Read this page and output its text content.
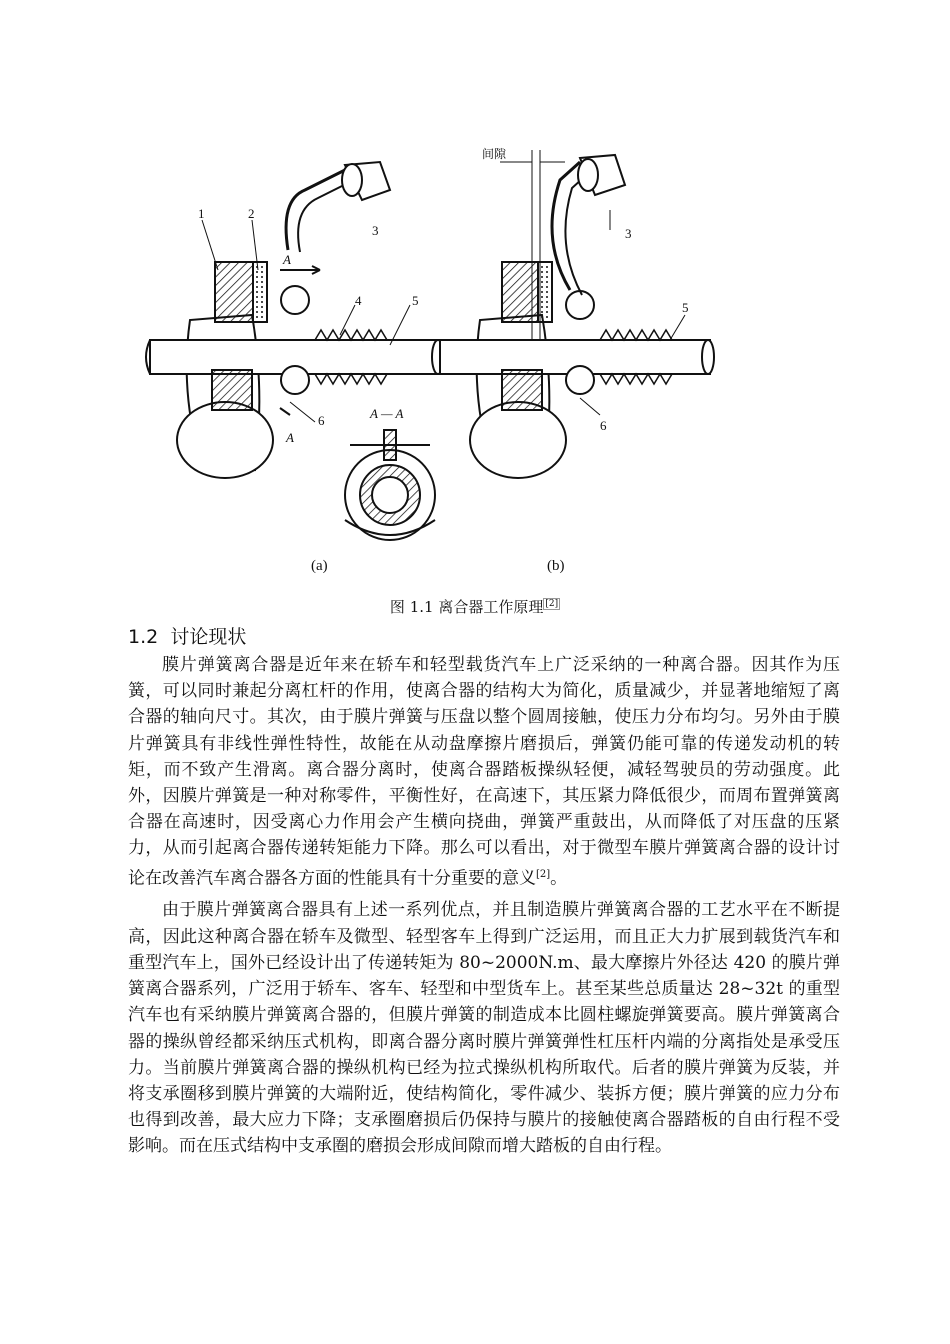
1	2
3
4	5
6
A
A
3
5
6
间隙
A — A
(a)	(b)
图 1.1 离合器工作原理 [2]
1.2 讨论现状

膜片弹簧离合器是近年来在轿车和轻型载货汽车上广泛采纳的一种离合器。因其作为压簧，可以同时兼起分离杠杆的作用，使离合器的结构大为简化，质量减少，并显著地缩短了离合器的轴向尺寸。其次，由于膜片弹簧与压盘以整个圆周接触，使压力分布均匀。另外由于膜片弹簧具有非线性弹性特性，故能在从动盘摩擦片磨损后，弹簧仍能可靠的传递发动机的转矩，而不致产生滑离。离合器分离时，使离合器踏板操纵轻便，减轻驾驶员的劳动强度。此外，因膜片弹簧是一种对称零件，平衡性好，在高速下，其压紧力降低很少，而周布置弹簧离合器在高速时，因受离心力作用会产生横向挠曲，弹簧严重鼓出，从而降低了对压盘的压紧力，从而引起离合器传递转矩能力下降。那么可以看出，对于微型车膜片弹簧离合器的设计讨论在改善汽车离合器各方面的性能具有十分重要的意义[2]。

由于膜片弹簧离合器具有上述一系列优点，并且制造膜片弹簧离合器的工艺水平在不断提高，因此这种离合器在轿车及微型、轻型客车上得到广泛运用，而且正大力扩展到载货汽车和重型汽车上，国外已经设计出了传递转矩为 80~2000N.m、最大摩擦片外径达 420 的膜片弹簧离合器系列，广泛用于轿车、客车、轻型和中型货车上。甚至某些总质量达 28~32t 的重型汽车也有采纳膜片弹簧离合器的，但膜片弹簧的制造成本比圆柱螺旋弹簧要高。膜片弹簧离合器的操纵曾经都采纳压式机构，即离合器分离时膜片弹簧弹性杠压杆内端的分离指处是承受压力。当前膜片弹簧离合器的操纵机构已经为拉式操纵机构所取代。后者的膜片弹簧为反装，并将支承圈移到膜片弹簧的大端附近，使结构简化，零件减少、装拆方便；膜片弹簧的应力分布也得到改善，最大应力下降；支承圈磨损后仍保持与膜片的接触使离合器踏板的自由行程不受影响。而在压式结构中支承圈的磨损会形成间隙而增大踏板的自由行程。
